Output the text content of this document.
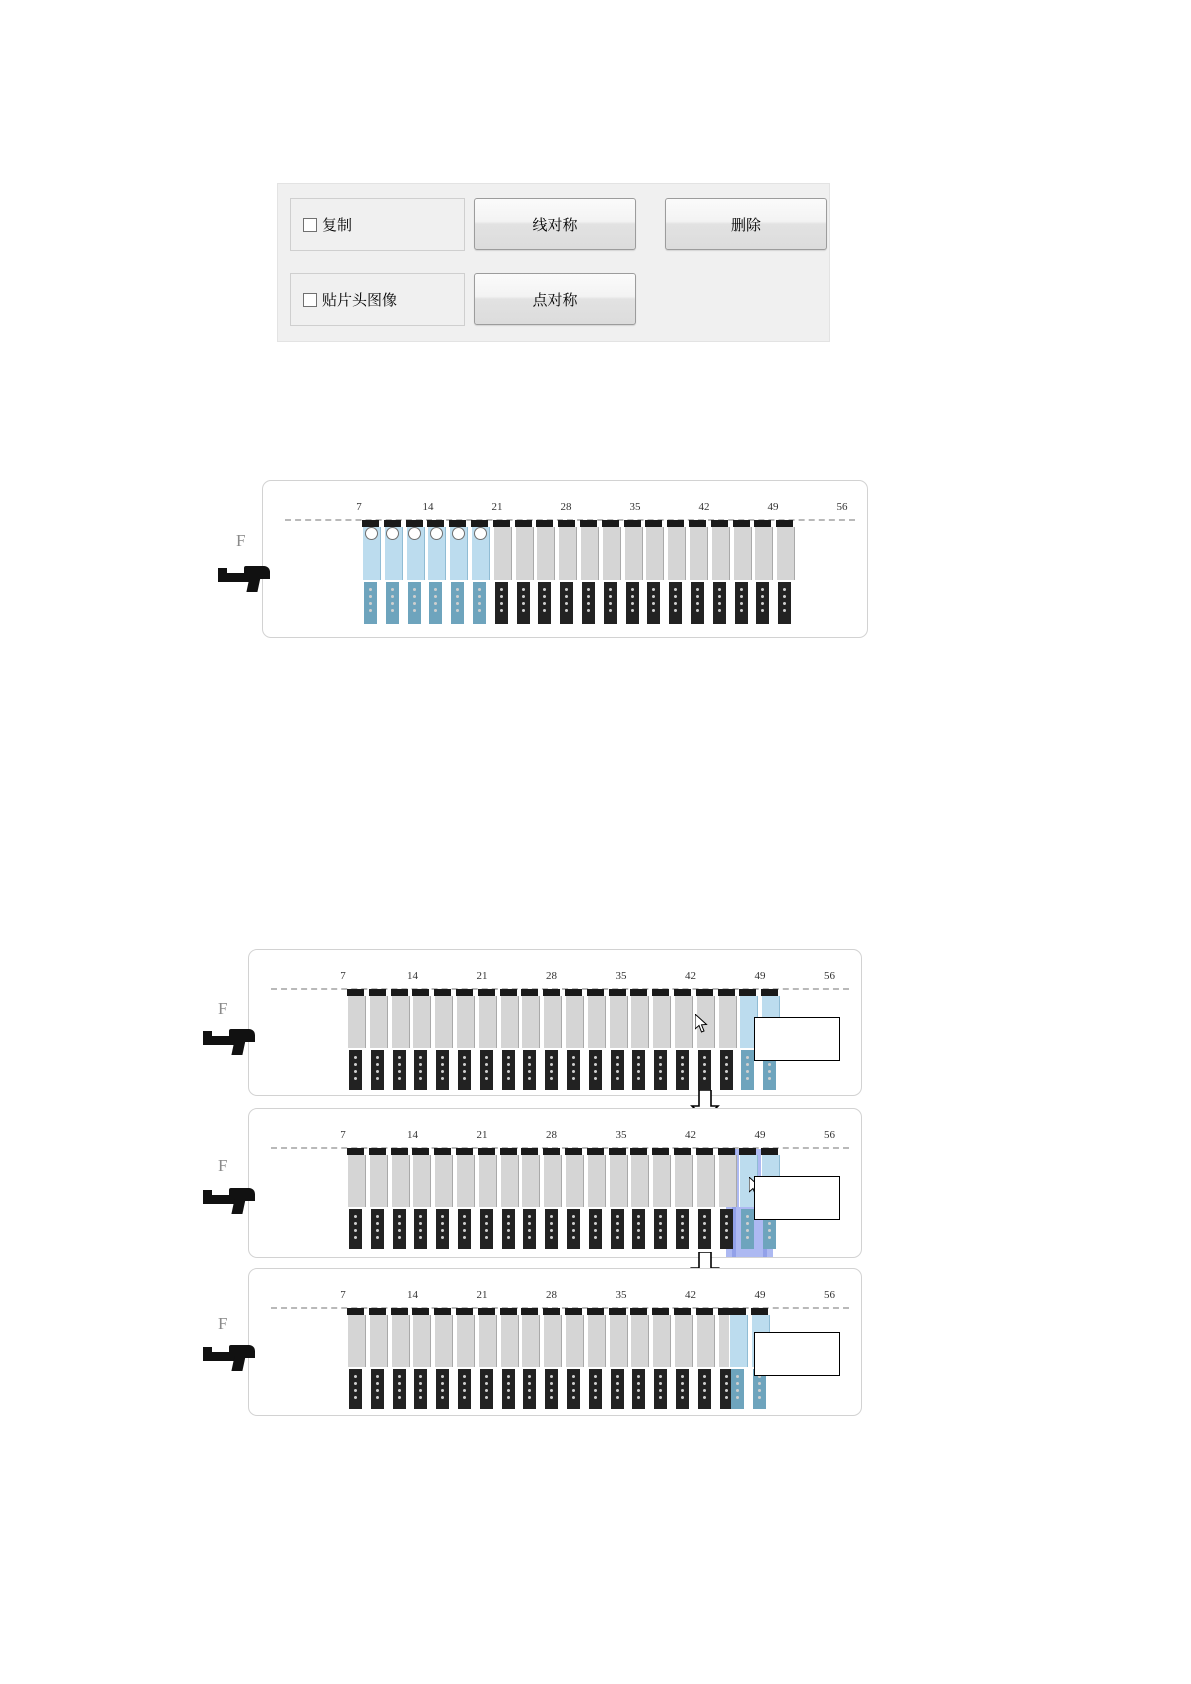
复制	线对称	删除
贴片头图像	点对称
7	14	21	28	35	42	49	56
F
7	14	21	28	35	42	49	56
F
7	14	21	28	35	42	49	56
F
7	14	21	28	35	42	49	56
F
